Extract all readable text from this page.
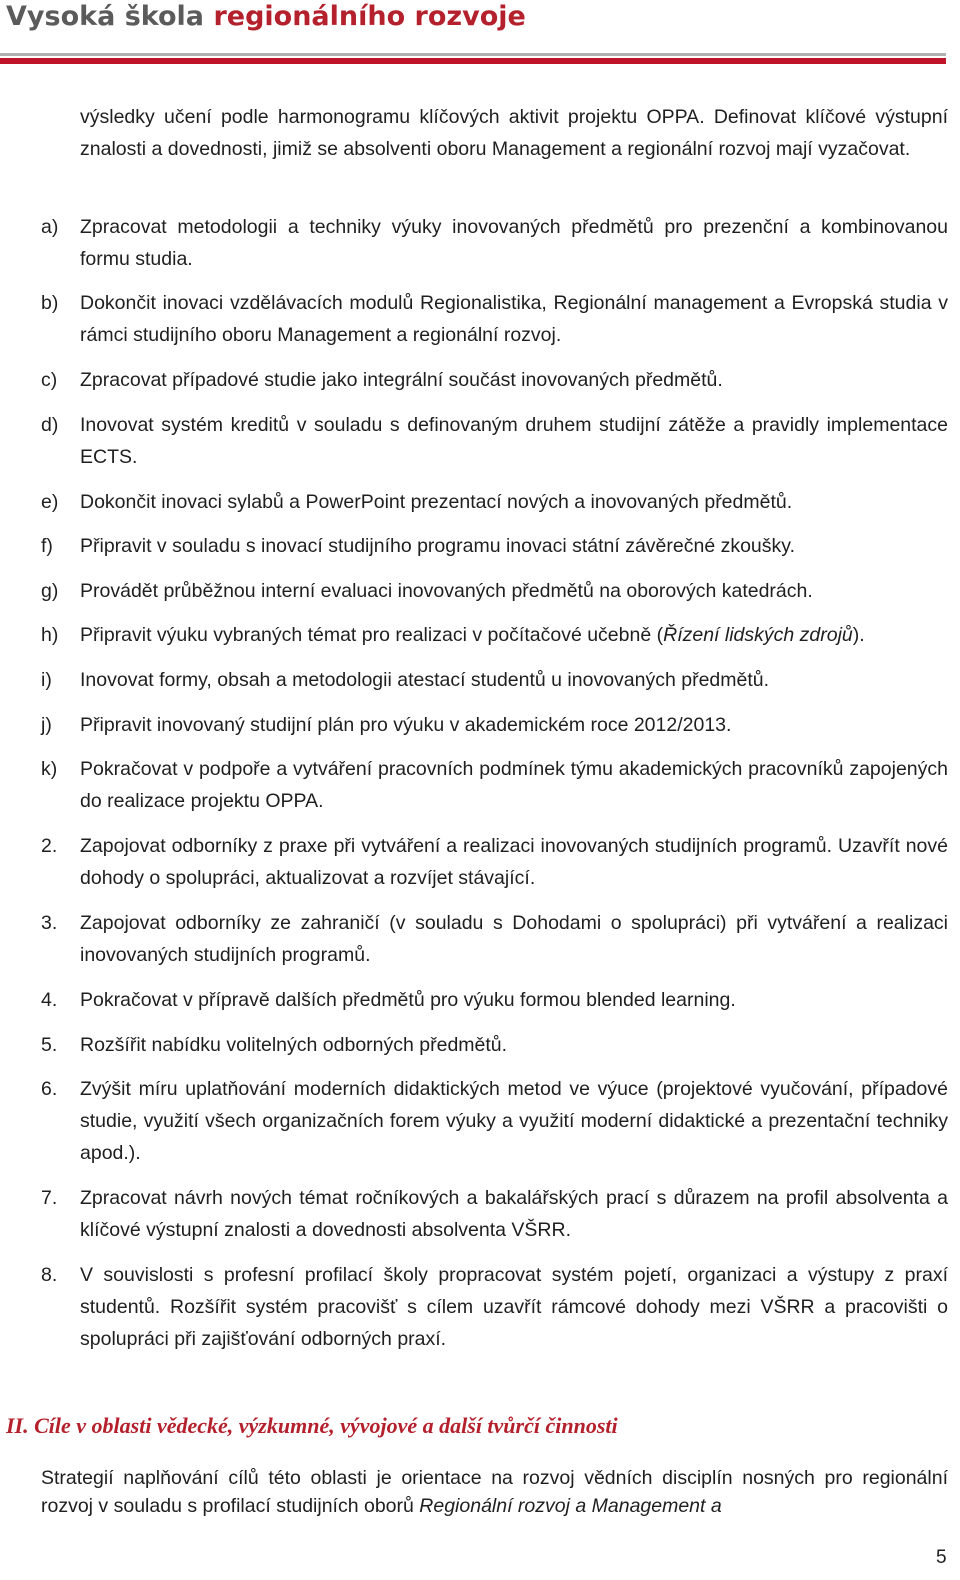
Vysoká škola regionálního rozvoje
výsledky učení podle harmonogramu klíčových aktivit projektu OPPA. Definovat klíčové výstupní znalosti a dovednosti, jimiž se absolventi oboru Management a regionální rozvoj mají vyzačovat.
a) Zpracovat metodologii a techniky výuky inovovaných předmětů pro prezenční a kombinovanou formu studia.
b) Dokončit inovaci vzdělávacích modulů Regionalistika, Regionální management a Evropská studia v rámci studijního oboru Management a regionální rozvoj.
c) Zpracovat případové studie jako integrální součást inovovaných předmětů.
d) Inovovat systém kreditů v souladu s definovaným druhem studijní zátěže a pravidly implementace ECTS.
e) Dokončit inovaci sylabů a PowerPoint prezentací nových a inovovaných předmětů.
f) Připravit v souladu s inovací studijního programu inovaci státní závěrečné zkoušky.
g) Provádět průběžnou interní evaluaci inovovaných předmětů na oborových katedrách.
h) Připravit výuku vybraných témat pro realizaci v počítačové učebně (Řízení lidských zdrojů).
i) Inovovat formy, obsah a metodologii atestací studentů u inovovaných předmětů.
j) Připravit inovovaný studijní plán pro výuku v akademickém roce 2012/2013.
k) Pokračovat v podpoře a vytváření pracovních podmínek týmu akademických pracovníků zapojených do realizace projektu OPPA.
2. Zapojovat odborníky z praxe při vytváření a realizaci inovovaných studijních programů. Uzavřít nové dohody o spolupráci, aktualizovat a rozvíjet stávající.
3. Zapojovat odborníky ze zahraničí (v souladu s Dohodami o spolupráci) při vytváření a realizaci inovovaných studijních programů.
4. Pokračovat v přípravě dalších předmětů pro výuku formou blended learning.
5. Rozšířit nabídku volitelných odborných předmětů.
6. Zvýšit míru uplatňování moderních didaktických metod ve výuce (projektové vyučování, případové studie, využití všech organizačních forem výuky a využití moderní didaktické a prezentační techniky apod.).
7. Zpracovat návrh nových témat ročníkových a bakalářských prací s důrazem na profil absolventa a klíčové výstupní znalosti a dovednosti absolventa VŠRR.
8. V souvislosti s profesní profilací školy propracovat systém pojetí, organizaci a výstupy z praxí studentů. Rozšířit systém pracovišť s cílem uzavřít rámcové dohody mezi VŠRR a pracovišti o spolupráci při zajišťování odborných praxí.
II. Cíle v oblasti vědecké, výzkumné, vývojové a další tvůrčí činnosti
Strategií naplňování cílů této oblasti je orientace na rozvoj vědních disciplín nosných pro regionální rozvoj v souladu s profilací studijních oborů Regionální rozvoj a Management a
5
